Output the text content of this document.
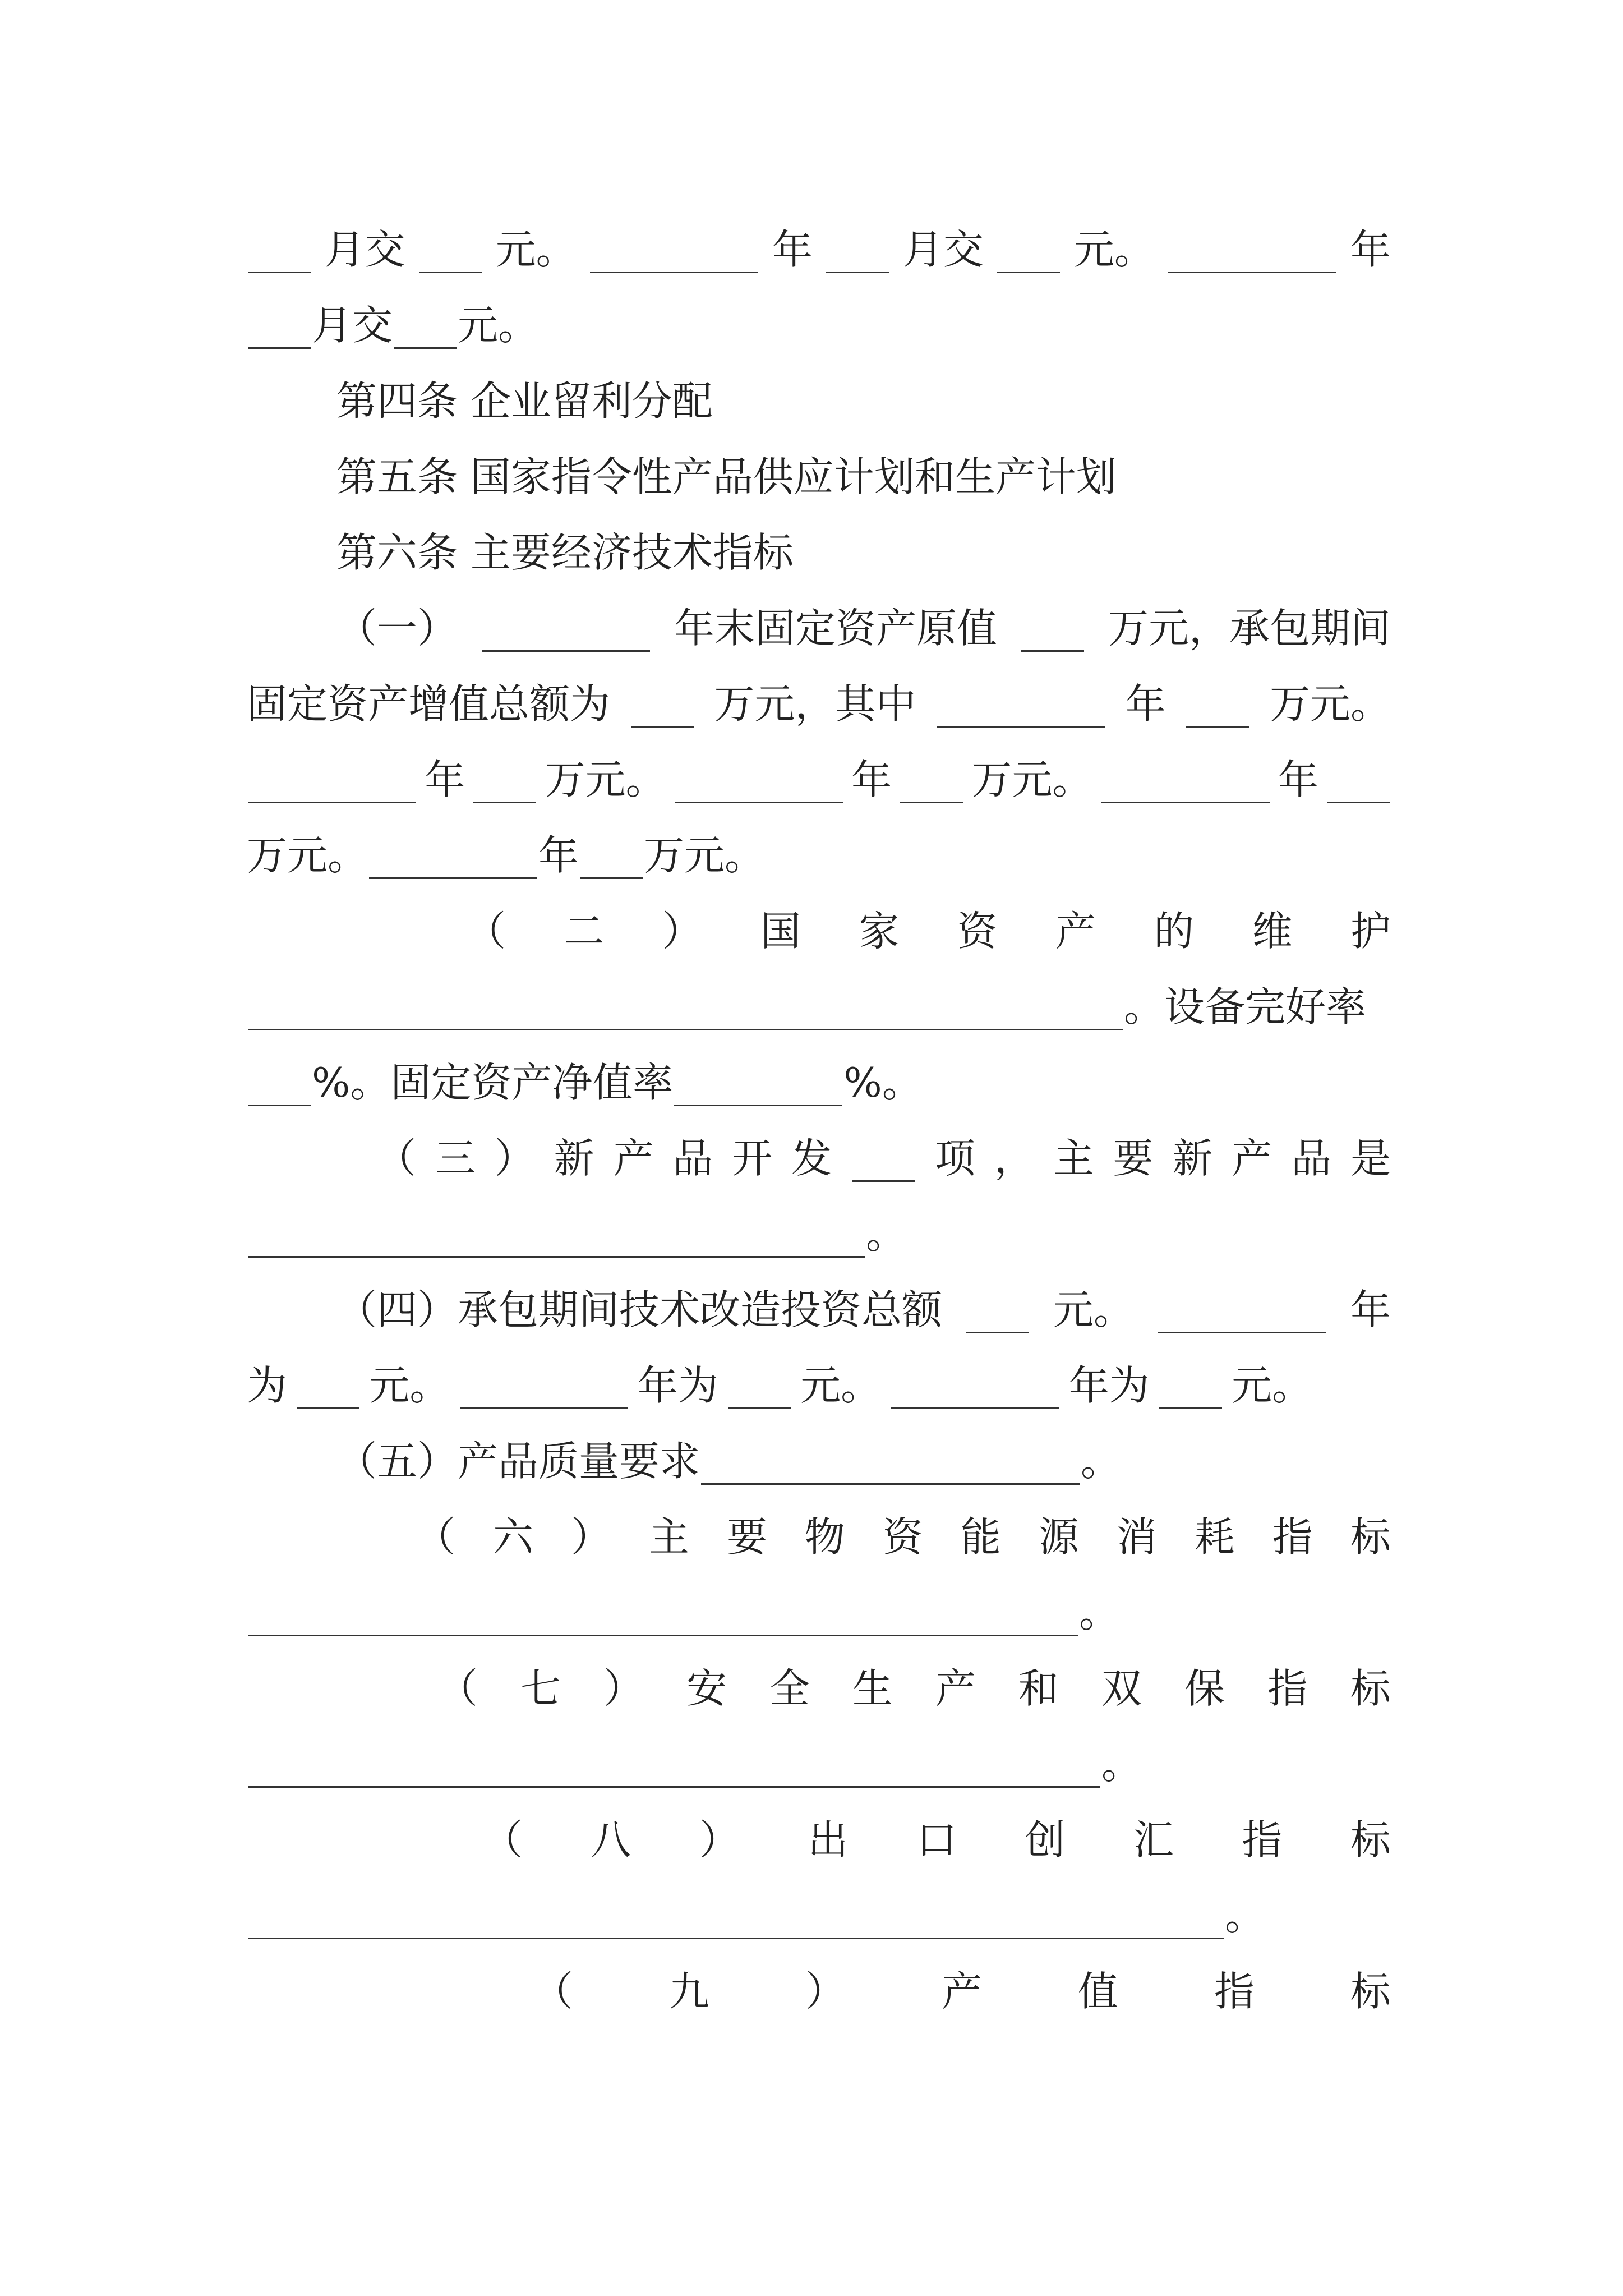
月交 元。	年 月交 元。	年
月交 元。
第四条 企业留利分配
第五条 国家指令性产品供应计划和生产计划
第六条 主要经济技术指标
（一）	年末固定资产原值	万元，承包期间
固定资产增值总额为	万元，其中	年	万元。
年 万元。	年 万元。	年
万元。	年 万元。
（ 二 ） 国 家 资 产 的 维 护
。设备完好率
%。固定资产净值率	%。
（ 三 ） 新 产 品 开 发	项 ， 主 要 新 产 品 是
。
（四）承包期间技术改造投资总额	元。	年
为 元。	年为 元。	年为 元。
（五）产品质量要求	。
（ 六 ） 主 要 物 资 能 源 消 耗 指 标
。
（ 七 ） 安 全 生 产 和 双 保 指 标
。
（ 八 ） 出 口 创 汇 指 标
。
（ 九 ） 产 值 指 标
